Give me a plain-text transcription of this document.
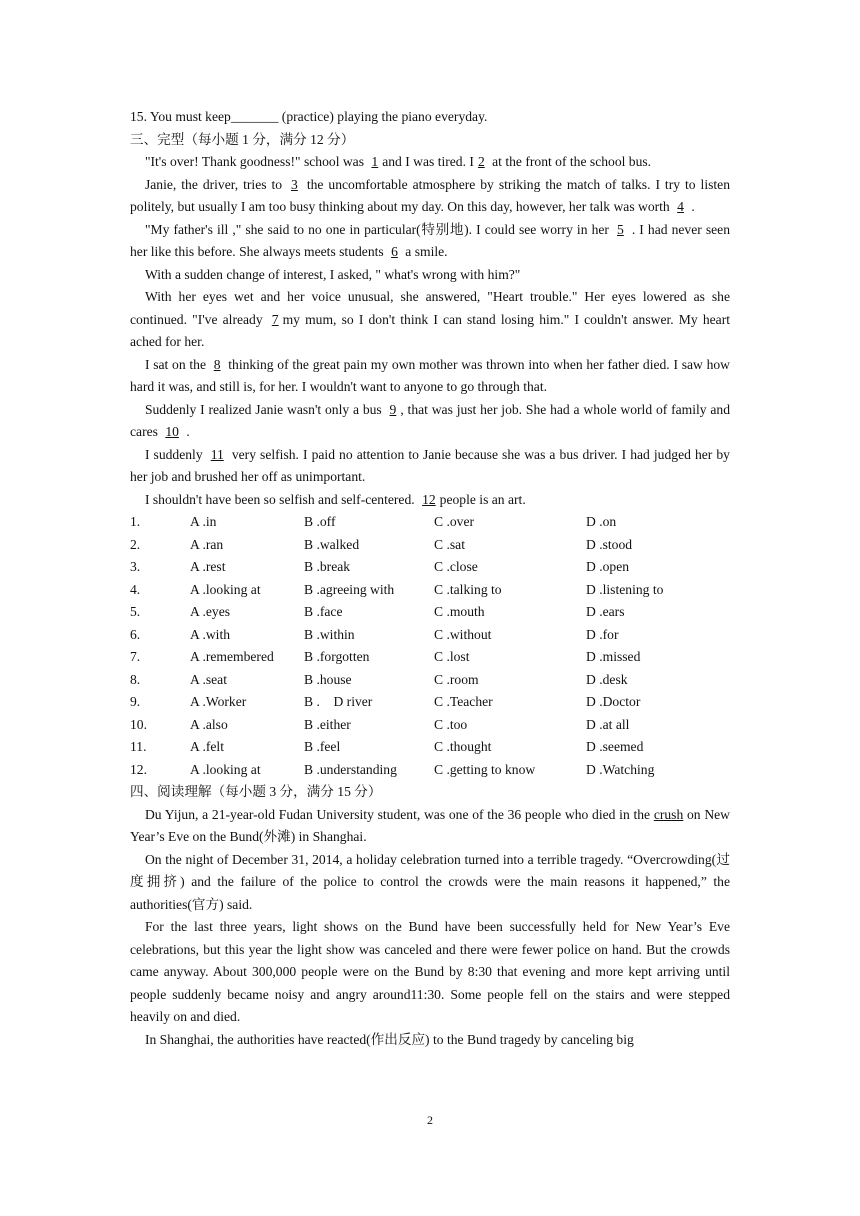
15. You must keep_______ (practice) playing the piano everyday.
三、完型（每小题 1 分，满分 12 分）

"It's over! Thank goodness!" school was 1 and I was tired. I 2 at the front of the school bus.

Janie, the driver, tries to 3 the uncomfortable atmosphere by striking the match of talks. I try to listen politely, but usually I am too busy thinking about my day. On this day, however, her talk was worth 4 .

"My father's ill ," she said to no one in particular(特别地). I could see worry in her 5 . I had never seen her like this before. She always meets students 6 a smile.

With a sudden change of interest, I asked, " what's wrong with him?"

With her eyes wet and her voice unusual, she answered, "Heart trouble." Her eyes lowered as she continued. "I've already 7 my mum, so I don't think I can stand losing him." I couldn't answer. My heart ached for her.

I sat on the 8 thinking of the great pain my own mother was thrown into when her father died. I saw how hard it was, and still is, for her. I wouldn't want to anyone to go through that.

Suddenly I realized Janie wasn't only a bus 9 , that was just her job. She had a whole world of family and cares 10 .

I suddenly 11 very selfish. I paid no attention to Janie because she was a bus driver. I had judged her by her job and brushed her off as unimportant.

I shouldn't have been so selfish and self-centered. 12 people is an art.

1.	A .in	B .off	C .over	D .on
2.	A .ran	B .walked	C .sat	D .stood
3.	A .rest	B .break	C .close	D .open
4.	A .looking at	B .agreeing with	C .talking to	D .listening to
5.	A .eyes	B .face	C .mouth	D .ears
6.	A .with	B .within	C .without	D .for
7.	A .remembered	B .forgotten	C .lost	D .missed
8.	A .seat	B .house	C .room	D .desk
9.	A .Worker	B .　D river	C .Teacher	D .Doctor
10.	A .also	B .either	C .too	D .at all
11.	A .felt	B .feel	C .thought	D .seemed
12.	A .looking at	B .understanding	C .getting to know	D .Watching
四、阅读理解（每小题 3 分，满分 15 分）

Du Yijun, a 21-year-old Fudan University student, was one of the 36 people who died in the crush on New Year’s Eve on the Bund(外滩) in Shanghai.

On the night of December 31, 2014, a holiday celebration turned into a terrible tragedy. “Overcrowding(过度拥挤) and the failure of the police to control the crowds were the main reasons it happened,” the authorities(官方) said.

For the last three years, light shows on the Bund have been successfully held for New Year’s Eve celebrations, but this year the light show was canceled and there were fewer police on hand. But the crowds came anyway. About 300,000 people were on the Bund by 8:30 that evening and more kept arriving until people suddenly became noisy and angry around11:30. Some people fell on the stairs and were stepped heavily on and died.

In Shanghai, the authorities have reacted(作出反应) to the Bund tragedy by canceling big

2
